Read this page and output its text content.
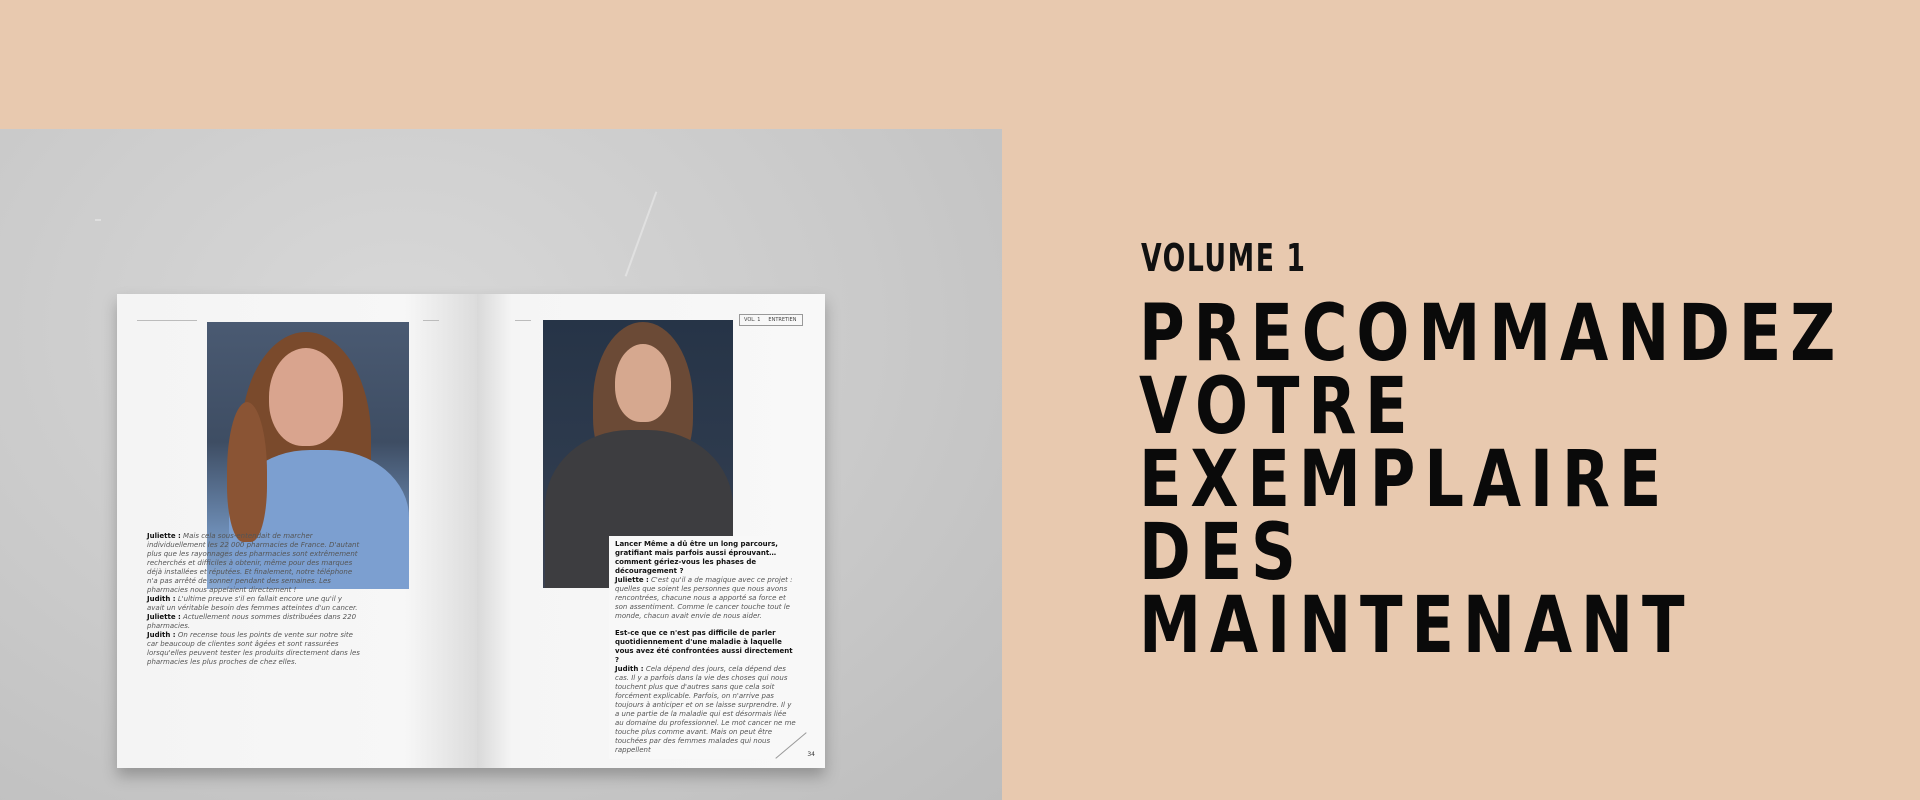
Juliette : Mais cela sous-entendait de marcher individuellement les 22 000 pharmacies de France. D'autant plus que les rayonnages des pharmacies sont extrêmement recherchés et difficiles à obtenir, même pour des marques déjà installées et réputées. Et finalement, notre téléphone n'a pas arrêté de sonner pendant des semaines. Les pharmacies nous appelaient directement !
Judith : L'ultime preuve s'il en fallait encore une qu'il y avait un véritable besoin des femmes atteintes d'un cancer.
Juliette : Actuellement nous sommes distribuées dans 220 pharmacies.
Judith : On recense tous les points de vente sur notre site car beaucoup de clientes sont âgées et sont rassurées lorsqu'elles peuvent tester les produits directement dans les pharmacies les plus proches de chez elles.
VOL. 1 ENTRETIEN
Lancer Même a dû être un long parcours, gratifiant mais parfois aussi éprouvant… comment gériez-vous les phases de découragement ?
Juliette : C'est qu'il a de magique avec ce projet : quelles que soient les personnes que nous avons rencontrées, chacune nous a apporté sa force et son assentiment. Comme le cancer touche tout le monde, chacun avait envie de nous aider.
Est-ce que ce n'est pas difficile de parler quotidiennement d'une maladie à laquelle vous avez été confrontées aussi directement ?
Judith : Cela dépend des jours, cela dépend des cas. Il y a parfois dans la vie des choses qui nous touchent plus que d'autres sans que cela soit forcément explicable. Parfois, on n'arrive pas toujours à anticiper et on se laisse surprendre. Il y a une partie de la maladie qui est désormais liée au domaine du professionnel. Le mot cancer ne me touche plus comme avant. Mais on peut être touchées par des femmes malades qui nous rappellent
34
VOLUME 1
PRECOMMANDEZ
VOTRE
EXEMPLAIRE
DES
MAINTENANT
